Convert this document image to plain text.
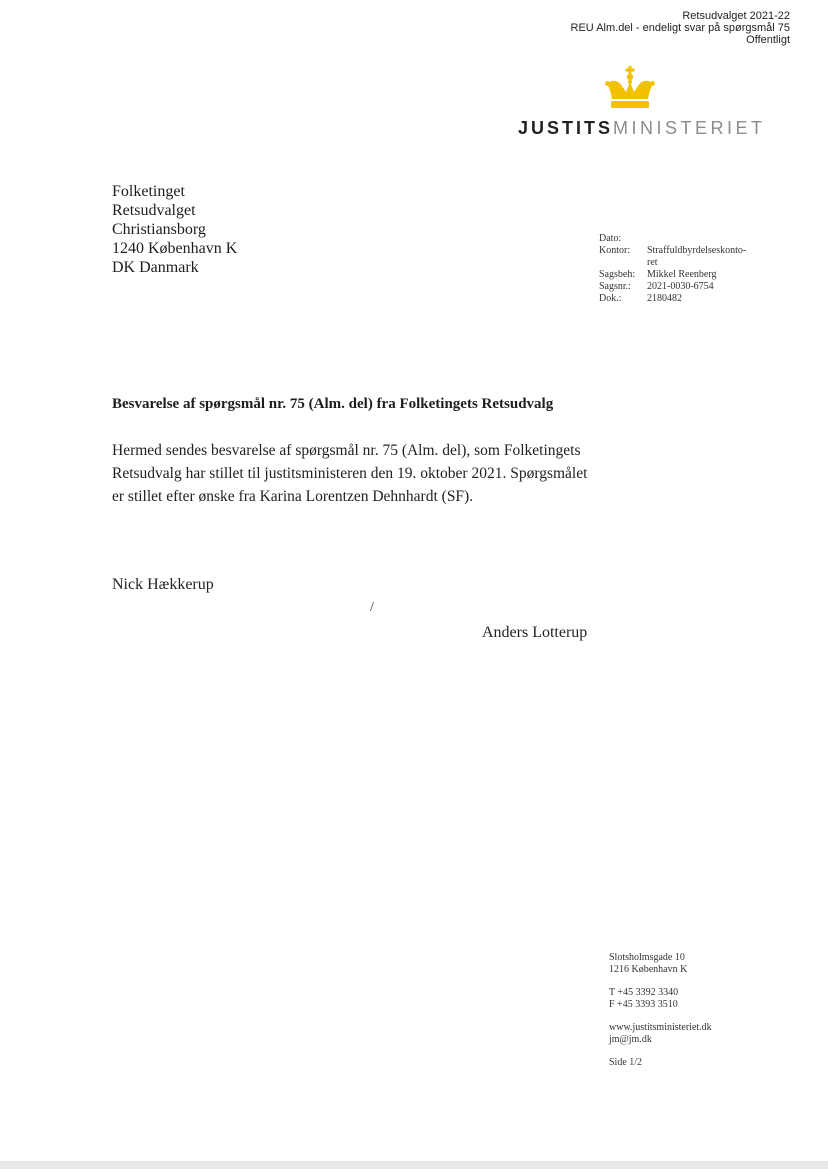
Retsudvalget 2021-22
REU Alm.del - endeligt svar på spørgsmål 75
Offentligt
JUSTITSMINISTERIET
Folketinget
Retsudvalget
Christiansborg
1240 København K
DK Danmark
Dato:
Kontor:	Straffuldbyrdelseskonto-
ret
Sagsbeh:	Mikkel Reenberg
Sagsnr.:	2021-0030-6754
Dok.:	2180482
Besvarelse af spørgsmål nr. 75 (Alm. del) fra Folketingets Retsudvalg
Hermed sendes besvarelse af spørgsmål nr. 75 (Alm. del), som Folketingets Retsudvalg har stillet til justitsministeren den 19. oktober 2021. Spørgsmålet er stillet efter ønske fra Karina Lorentzen Dehnhardt (SF).
Nick Hækkerup
/
Anders Lotterup
Slotsholmsgade 10
1216 København K
T +45 3392 3340
F +45 3393 3510
www.justitsministeriet.dk
jm@jm.dk
Side 1/2
